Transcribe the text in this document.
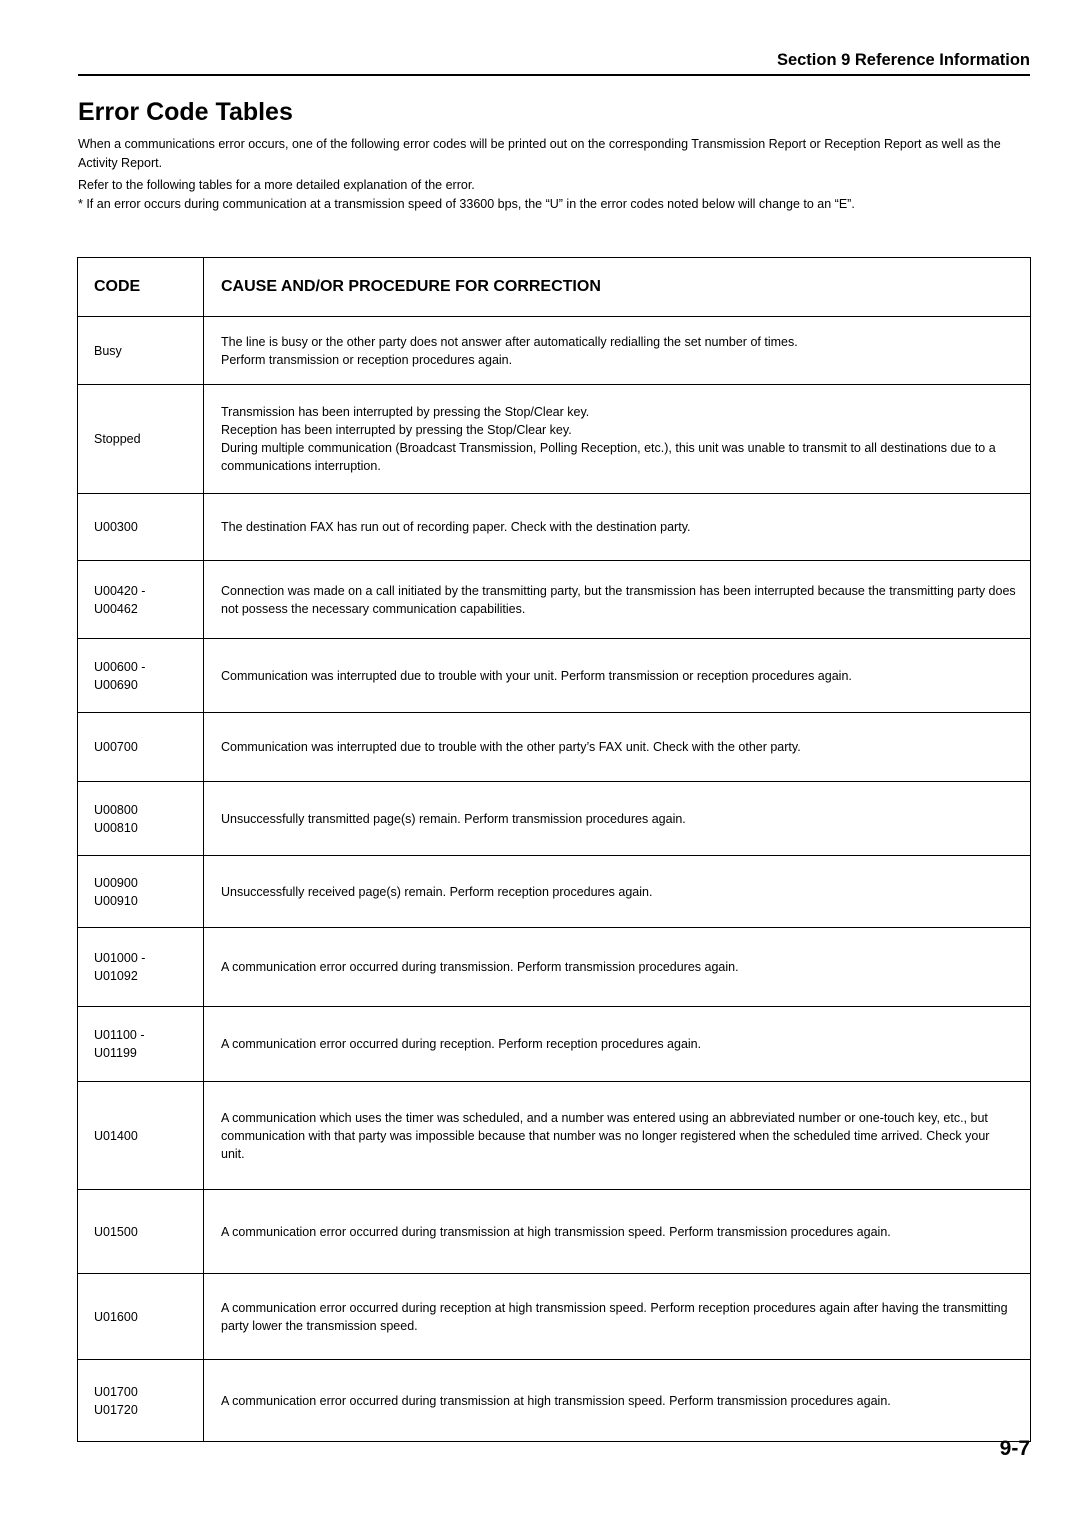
Section 9 Reference Information
Error Code Tables

When a communications error occurs, one of the following error codes will be printed out on the corresponding Transmission Report or Reception Report as well as the Activity Report.

Refer to the following tables for a more detailed explanation of the error.

* If an error occurs during communication at a transmission speed of 33600 bps, the “U” in the error codes noted below will change to an “E”.

CODE	CAUSE AND/OR PROCEDURE FOR CORRECTION

Busy	The line is busy or the other party does not answer after automatically redialling the set number of times.
Perform transmission or reception procedures again.

Stopped	Transmission has been interrupted by pressing the Stop/Clear key.
Reception has been interrupted by pressing the Stop/Clear key.
During multiple communication (Broadcast Transmission, Polling Reception, etc.), this unit was unable to transmit to all destinations due to a communications interruption.

U00300	The destination FAX has run out of recording paper. Check with the destination party.

U00420 -
U00462	Connection was made on a call initiated by the transmitting party, but the transmission has been interrupted because the transmitting party does not possess the necessary communication capabilities.

U00600 -
U00690	Communication was interrupted due to trouble with your unit. Perform transmission or reception procedures again.

U00700	Communication was interrupted due to trouble with the other party’s FAX unit. Check with the other party.

U00800
U00810	Unsuccessfully transmitted page(s) remain. Perform transmission procedures again.

U00900
U00910	Unsuccessfully received page(s) remain. Perform reception procedures again.

U01000 -
U01092	A communication error occurred during transmission. Perform transmission procedures again.

U01100 -
U01199	A communication error occurred during reception. Perform reception procedures again.

U01400	A communication which uses the timer was scheduled, and a number was entered using an abbreviated number or one-touch key, etc., but communication with that party was impossible because that number was no longer registered when the scheduled time arrived. Check your unit.

U01500	A communication error occurred during transmission at high transmission speed. Perform transmission procedures again.

U01600	A communication error occurred during reception at high transmission speed. Perform reception procedures again after having the transmitting party lower the transmission speed.

U01700
U01720	A communication error occurred during transmission at high transmission speed. Perform transmission procedures again.
9-7
